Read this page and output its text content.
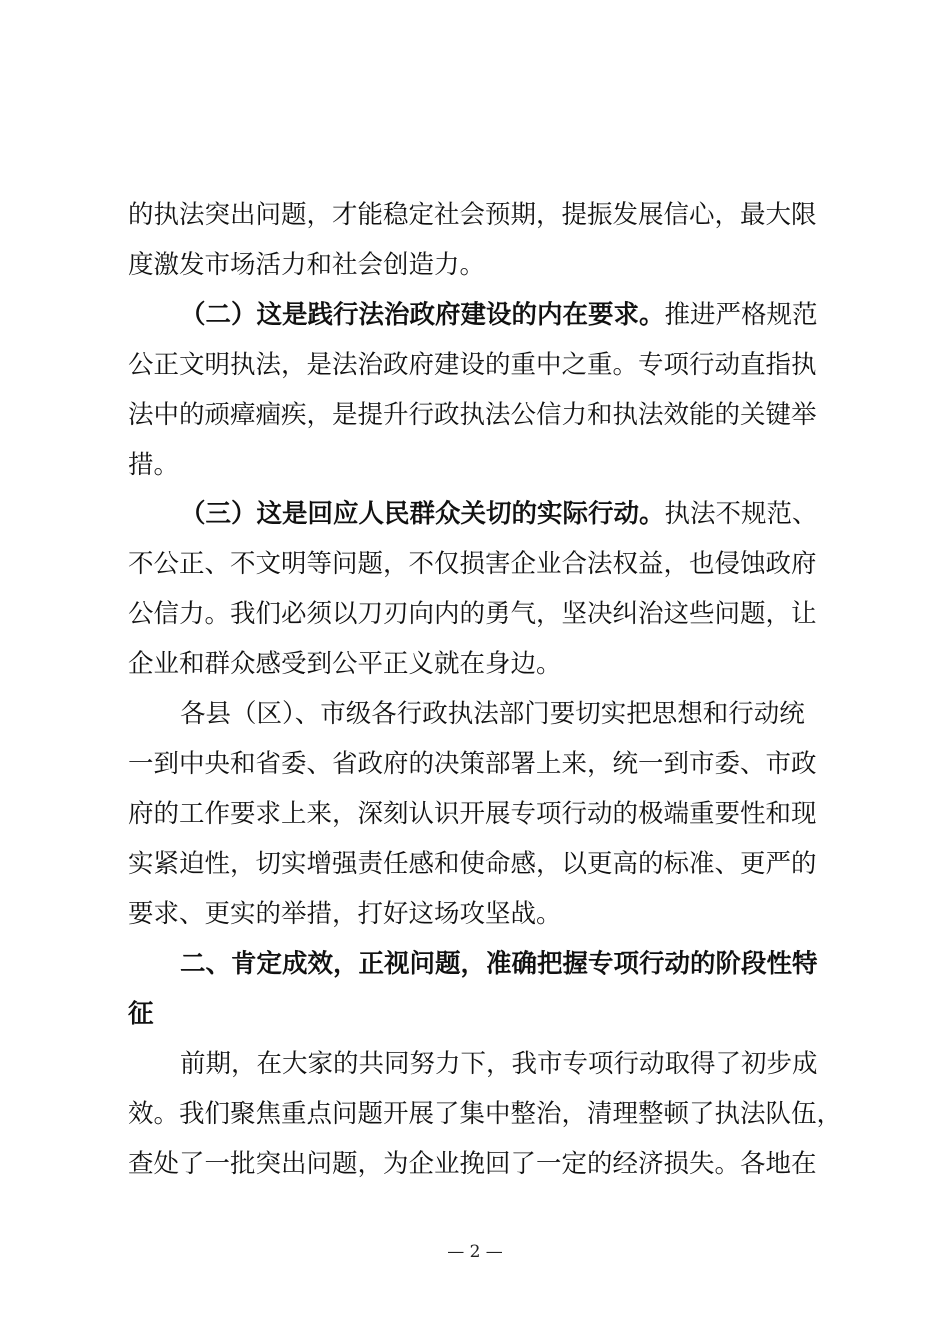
的执法突出问题，才能稳定社会预期，提振发展信心，最大限
度激发市场活力和社会创造力。
（二）这是践行法治政府建设的内在要求。推进严格规范
公正文明执法，是法治政府建设的重中之重。专项行动直指执
法中的顽瘴痼疾，是提升行政执法公信力和执法效能的关键举
措。
（三）这是回应人民群众关切的实际行动。执法不规范、
不公正、不文明等问题，不仅损害企业合法权益，也侵蚀政府
公信力。我们必须以刀刃向内的勇气，坚决纠治这些问题，让
企业和群众感受到公平正义就在身边。
各县（区）、市级各行政执法部门要切实把思想和行动统
一到中央和省委、省政府的决策部署上来，统一到市委、市政
府的工作要求上来，深刻认识开展专项行动的极端重要性和现
实紧迫性，切实增强责任感和使命感，以更高的标准、更严的
要求、更实的举措，打好这场攻坚战。
二、肯定成效，正视问题，准确把握专项行动的阶段性特
征
前期，在大家的共同努力下，我市专项行动取得了初步成
效。我们聚焦重点问题开展了集中整治，清理整顿了执法队伍，
查处了一批突出问题，为企业挽回了一定的经济损失。各地在
— 2 —
